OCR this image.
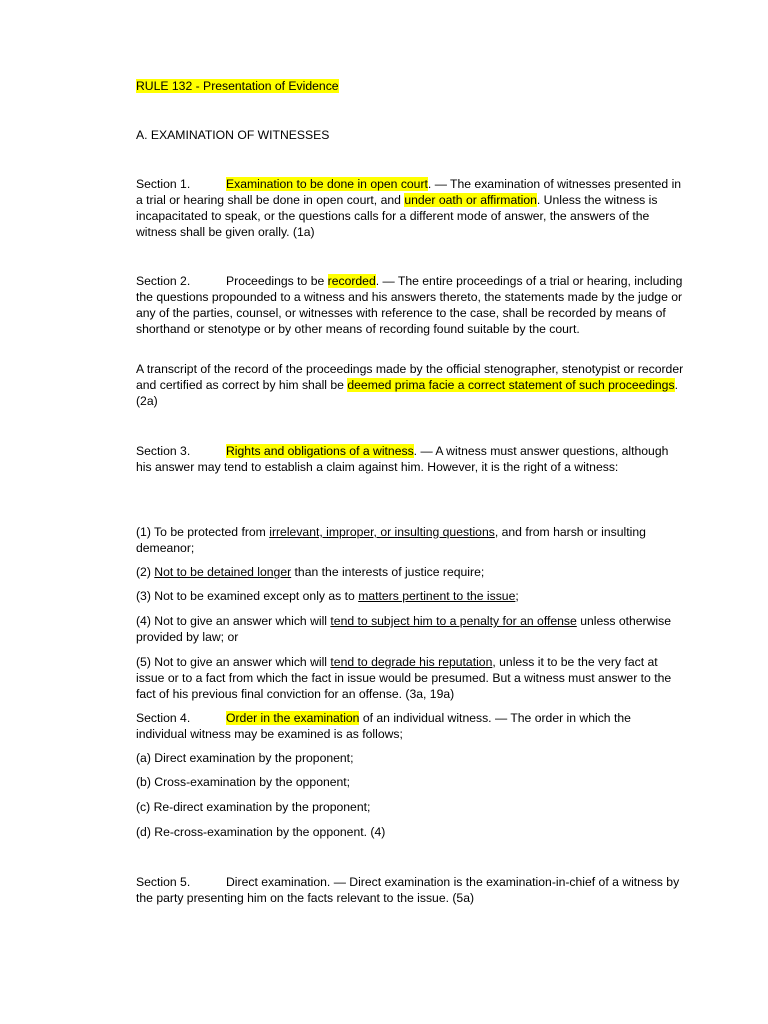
RULE 132 - Presentation of Evidence

A. EXAMINATION OF WITNESSES

Section 1.	Examination to be done in open court. — The examination of witnesses presented in a trial or hearing shall be done in open court, and under oath or affirmation. Unless the witness is incapacitated to speak, or the questions calls for a different mode of answer, the answers of the witness shall be given orally. (1a)

Section 2.	Proceedings to be recorded. — The entire proceedings of a trial or hearing, including the questions propounded to a witness and his answers thereto, the statements made by the judge or any of the parties, counsel, or witnesses with reference to the case, shall be recorded by means of shorthand or stenotype or by other means of recording found suitable by the court.

A transcript of the record of the proceedings made by the official stenographer, stenotypist or recorder and certified as correct by him shall be deemed prima facie a correct statement of such proceedings. (2a)

Section 3.	Rights and obligations of a witness. — A witness must answer questions, although his answer may tend to establish a claim against him. However, it is the right of a witness:

(1) To be protected from irrelevant, improper, or insulting questions, and from harsh or insulting demeanor;

(2) Not to be detained longer than the interests of justice require;

(3) Not to be examined except only as to matters pertinent to the issue;

(4) Not to give an answer which will tend to subject him to a penalty for an offense unless otherwise provided by law; or

(5) Not to give an answer which will tend to degrade his reputation, unless it to be the very fact at issue or to a fact from which the fact in issue would be presumed. But a witness must answer to the fact of his previous final conviction for an offense. (3a, 19a)

Section 4.	Order in the examination of an individual witness. — The order in which the individual witness may be examined is as follows;

(a) Direct examination by the proponent;

(b) Cross-examination by the opponent;

(c) Re-direct examination by the proponent;

(d) Re-cross-examination by the opponent. (4)

Section 5.	Direct examination. — Direct examination is the examination-in-chief of a witness by the party presenting him on the facts relevant to the issue. (5a)
